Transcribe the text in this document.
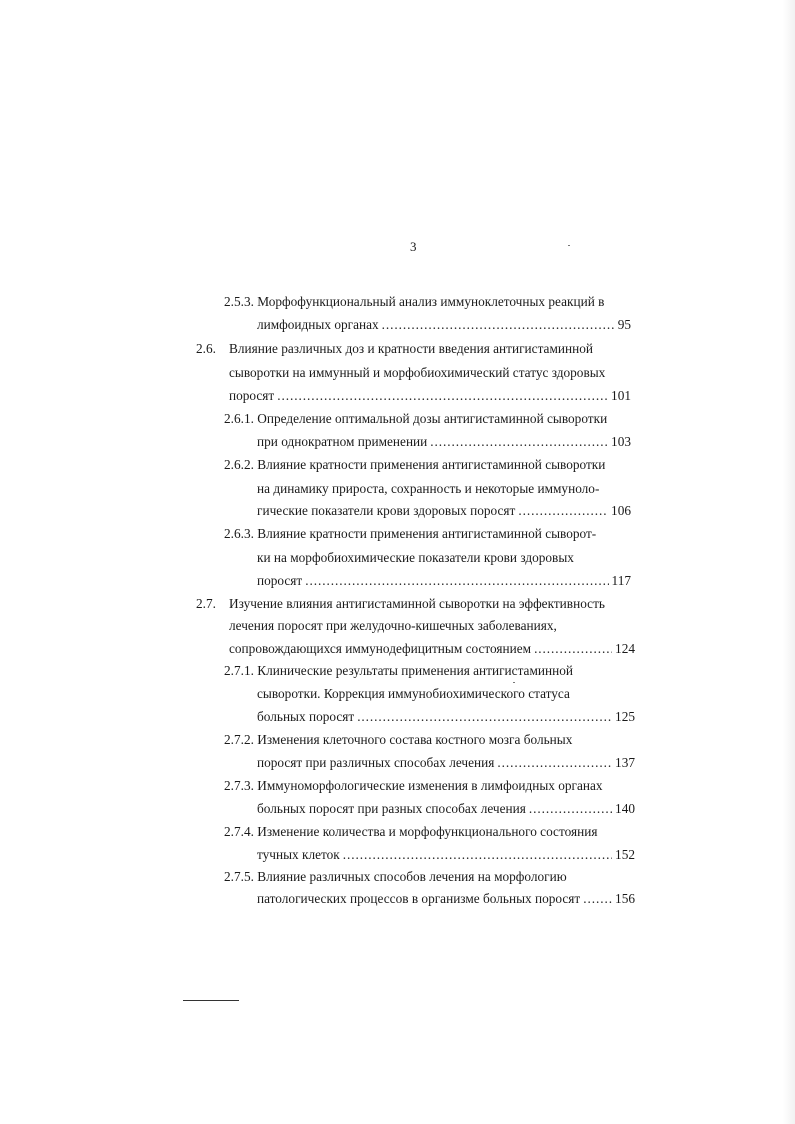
3
2.5.3. Морфофункциональный анализ иммуноклеточных реакций в
лимфоидных органах . . .	95
2.6. Влияние различных доз и кратности введения антигистаминной
сыворотки на иммунный и морфобиохимический статус здоровых
поросят . . .	101
2.6.1. Определение оптимальной дозы антигистаминной сыворотки
при однократном применении . . .	103
2.6.2. Влияние кратности применения антигистаминной сыворотки
на динамику прироста, сохранность и некоторые иммуноло-
гические показатели крови здоровых поросят . . .	106
2.6.3. Влияние кратности применения антигистаминной сыворот-
ки на морфобиохимические показатели крови здоровых
поросят . . .	117
2.7. Изучение влияния антигистаминной сыворотки на эффективность
лечения поросят при желудочно-кишечных заболеваниях,
сопровождающихся иммунодефицитным состоянием . . .	124
2.7.1. Клинические результаты применения антигистаминной
сыворотки. Коррекция иммунобиохимического статуса
больных поросят . . .	125
2.7.2. Изменения клеточного состава костного мозга больных
поросят при различных способах лечения . . .	137
2.7.3. Иммуноморфологические изменения в лимфоидных органах
больных поросят при разных способах лечения . . .	140
2.7.4. Изменение количества и морфофункционального состояния
тучных клеток . . .	152
2.7.5. Влияние различных способов лечения на морфологию
патологических процессов в организме больных поросят . . .	156
